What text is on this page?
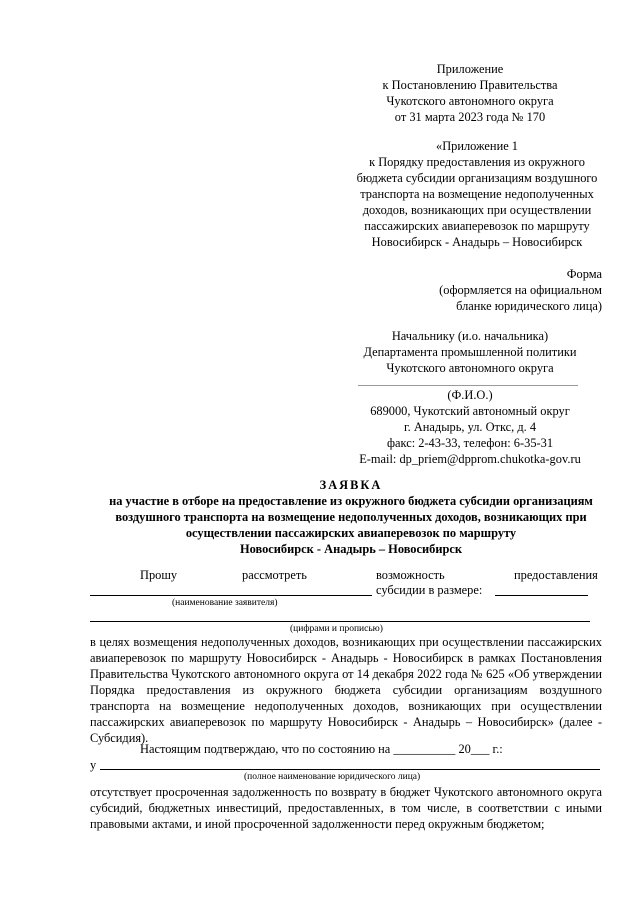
Приложение

к Постановлению Правительства

Чукотского автономного округа

от 31 марта 2023 года № 170

«Приложение 1

к Порядку предоставления из окружного

бюджета субсидии организациям воздушного

транспорта на возмещение недополученных

доходов, возникающих при осуществлении

пассажирских авиаперевозок по маршруту

Новосибирск - Анадырь – Новосибирск

Форма

(оформляется на официальном

бланке юридического лица)

Начальнику (и.о. начальника)

Департамента промышленной политики

Чукотского автономного округа

(Ф.И.О.)

689000, Чукотский автономный округ

г. Анадырь, ул. Откс, д. 4

факс: 2-43-33, телефон: 6-35-31

E-mail: dp_priem@dpprom.chukotka-gov.ru

ЗАЯВКА

на участие в отборе на предоставление из окружного бюджета субсидии организациям

воздушного транспорта на возмещение недополученных доходов, возникающих при

осуществлении пассажирских авиаперевозок по маршруту

Новосибирск - Анадырь – Новосибирск

Прошу	рассмотреть	возможность	предоставления
субсидии в размере:
(наименование заявителя)
(цифрами и прописью)

в целях возмещения недополученных доходов, возникающих при осуществлении пассажирских авиаперевозок по маршруту Новосибирск - Анадырь - Новосибирск в рамках Постановления Правительства Чукотского автономного округа от 14 декабря 2022 года № 625 «Об утверждении Порядка предоставления из окружного бюджета субсидии организациям воздушного транспорта на возмещение недополученных доходов, возникающих при осуществлении пассажирских авиаперевозок по маршруту Новосибирск - Анадырь – Новосибирск» (далее - Субсидия).

Настоящим подтверждаю, что по состоянию на __________ 20___ г.:
у
(полное наименование юридического лица)

отсутствует просроченная задолженность по возврату в бюджет Чукотского автономного округа субсидий, бюджетных инвестиций, предоставленных, в том числе, в соответствии с иными правовыми актами, и иной просроченной задолженности перед окружным бюджетом;
